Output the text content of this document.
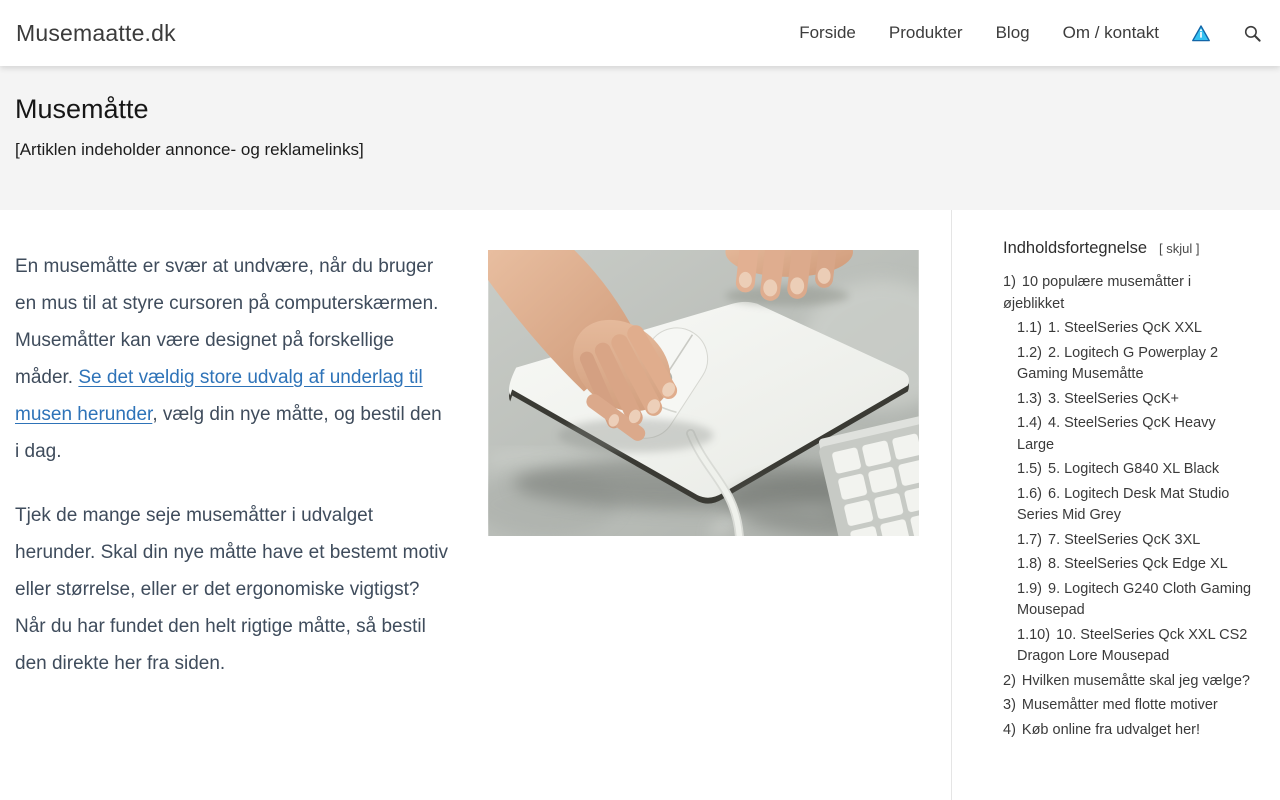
Musemaatte.dk	Forside Produkter Blog Om / kontakt
Musemåtte

[Artiklen indeholder annonce- og reklamelinks]

En musemåtte er svær at undvære, når du bruger en mus til at styre cursoren på computerskærmen. Musemåtter kan være designet på forskellige måder. Se det vældig store udvalg af underlag til musen herunder, vælg din nye måtte, og bestil den i dag.

Tjek de mange seje musemåtter i udvalget herunder. Skal din nye måtte have et bestemt motiv eller størrelse, eller er det ergonomiske vigtigst? Når du har fundet den helt rigtige måtte, så bestil den direkte her fra siden.

Indholdsfortegnelse [ skjul ]
1) 10 populære musemåtter i øjeblikket
1.1) 1. SteelSeries QcK XXL
1.2) 2. Logitech G Powerplay 2 Gaming Musemåtte
1.3) 3. SteelSeries QcK+
1.4) 4. SteelSeries QcK Heavy Large
1.5) 5. Logitech G840 XL Black
1.6) 6. Logitech Desk Mat Studio Series Mid Grey
1.7) 7. SteelSeries QcK 3XL
1.8) 8. SteelSeries Qck Edge XL
1.9) 9. Logitech G240 Cloth Gaming Mousepad
1.10) 10. SteelSeries Qck XXL CS2 Dragon Lore Mousepad
2) Hvilken musemåtte skal jeg vælge?
3) Musemåtter med flotte motiver
4) Køb online fra udvalget her!
